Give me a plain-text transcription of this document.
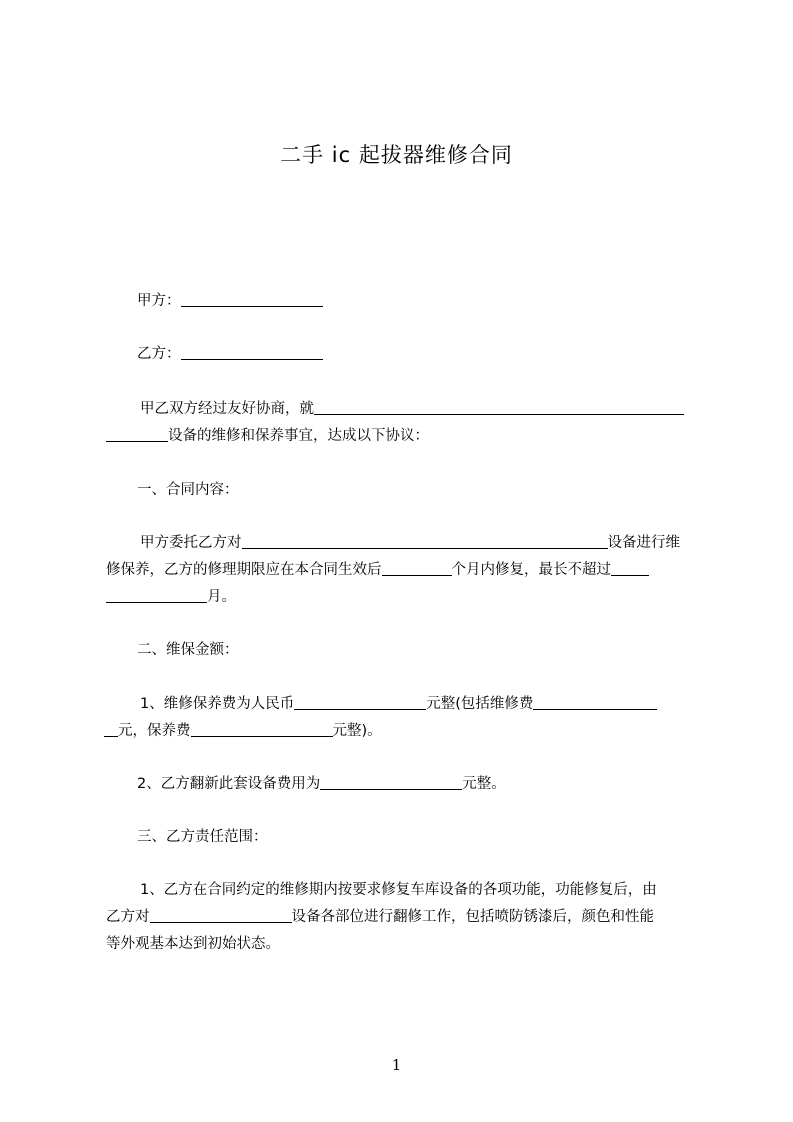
二手 ic 起拔器维修合同
甲方：
乙方：
甲乙双方经过友好协商，就
设备的维修和保养事宜，达成以下协议：
一、合同内容：
甲方委托乙方对	设备进行维
修保养，乙方的修理期限应在本合同生效后	个月内修复，最长不超过
月。
二、维保金额：
1、维修保养费为人民币	元整(包括维修费
元，保养费	元整)。
2、乙方翻新此套设备费用为	元整。
三、乙方责任范围：
1、乙方在合同约定的维修期内按要求修复车库设备的各项功能，功能修复后，由
乙方对	设备各部位进行翻修工作，包括喷防锈漆后，颜色和性能
等外观基本达到初始状态。
1
